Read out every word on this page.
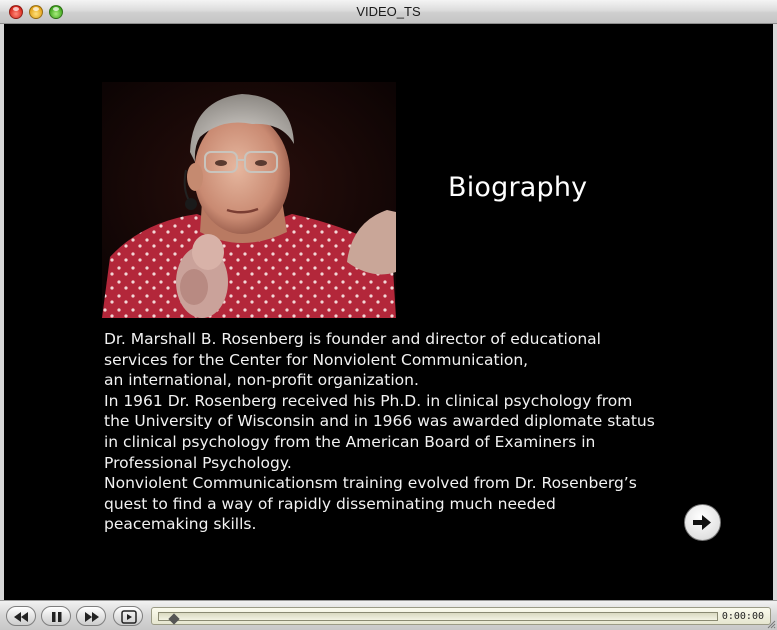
VIDEO_TS
Biography

Dr. Marshall B. Rosenberg is founder and director of educational

services for the Center for Nonviolent Communication,

an international, non-profit organization.

In 1961 Dr. Rosenberg received his Ph.D. in clinical psychology from

the University of Wisconsin and in 1966 was awarded diplomate status

in clinical psychology from the American Board of Examiners in

Professional Psychology.

Nonviolent Communicationsm training evolved from Dr. Rosenberg’s

quest to find a way of rapidly disseminating much needed

peacemaking skills.

0:00:00
